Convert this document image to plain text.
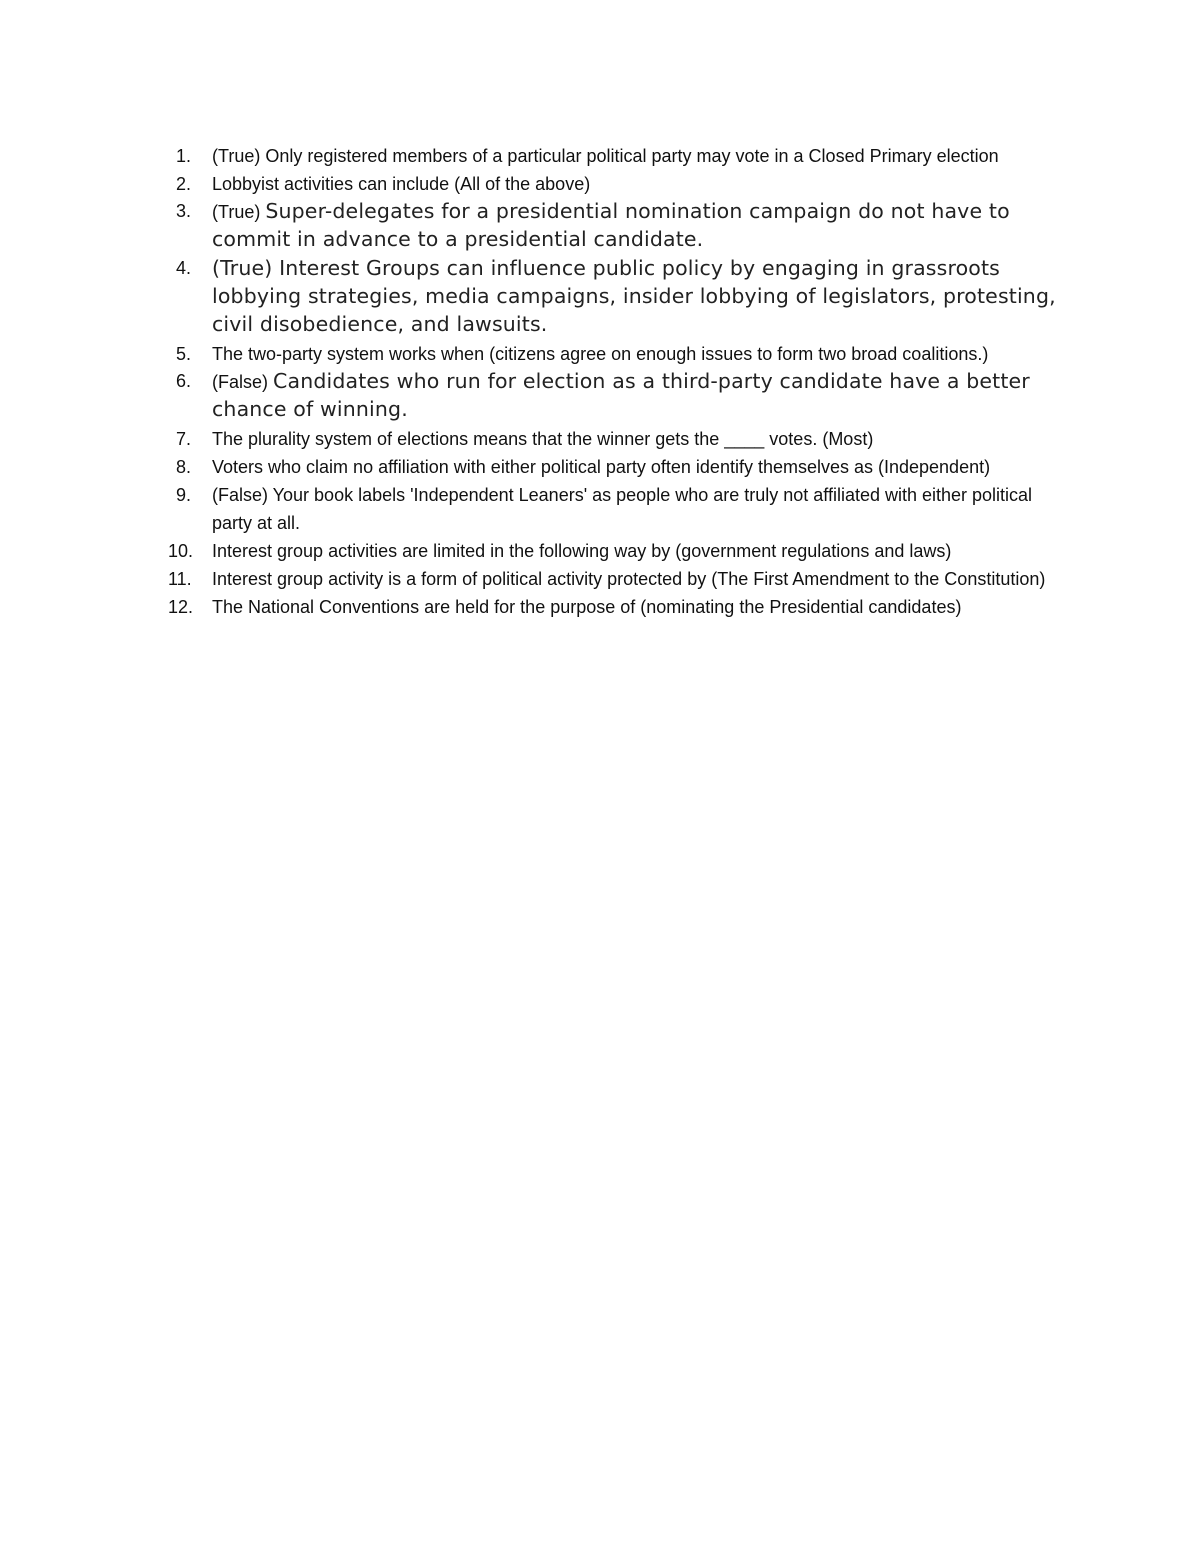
1. (True) Only registered members of a particular political party may vote in a Closed Primary election
2. Lobbyist activities can include (All of the above)
3. (True) Super-delegates for a presidential nomination campaign do not have to commit in advance to a presidential candidate.
4. (True) Interest Groups can influence public policy by engaging in grassroots lobbying strategies, media campaigns, insider lobbying of legislators, protesting, civil disobedience, and lawsuits.
5. The two-party system works when (citizens agree on enough issues to form two broad coalitions.)
6. (False) Candidates who run for election as a third-party candidate have a better chance of winning.
7. The plurality system of elections means that the winner gets the ____ votes. (Most)
8. Voters who claim no affiliation with either political party often identify themselves as (Independent)
9. (False) Your book labels 'Independent Leaners' as people who are truly not affiliated with either political party at all.
10. Interest group activities are limited in the following way by (government regulations and laws)
11. Interest group activity is a form of political activity protected by (The First Amendment to the Constitution)
12. The National Conventions are held for the purpose of (nominating the Presidential candidates)
